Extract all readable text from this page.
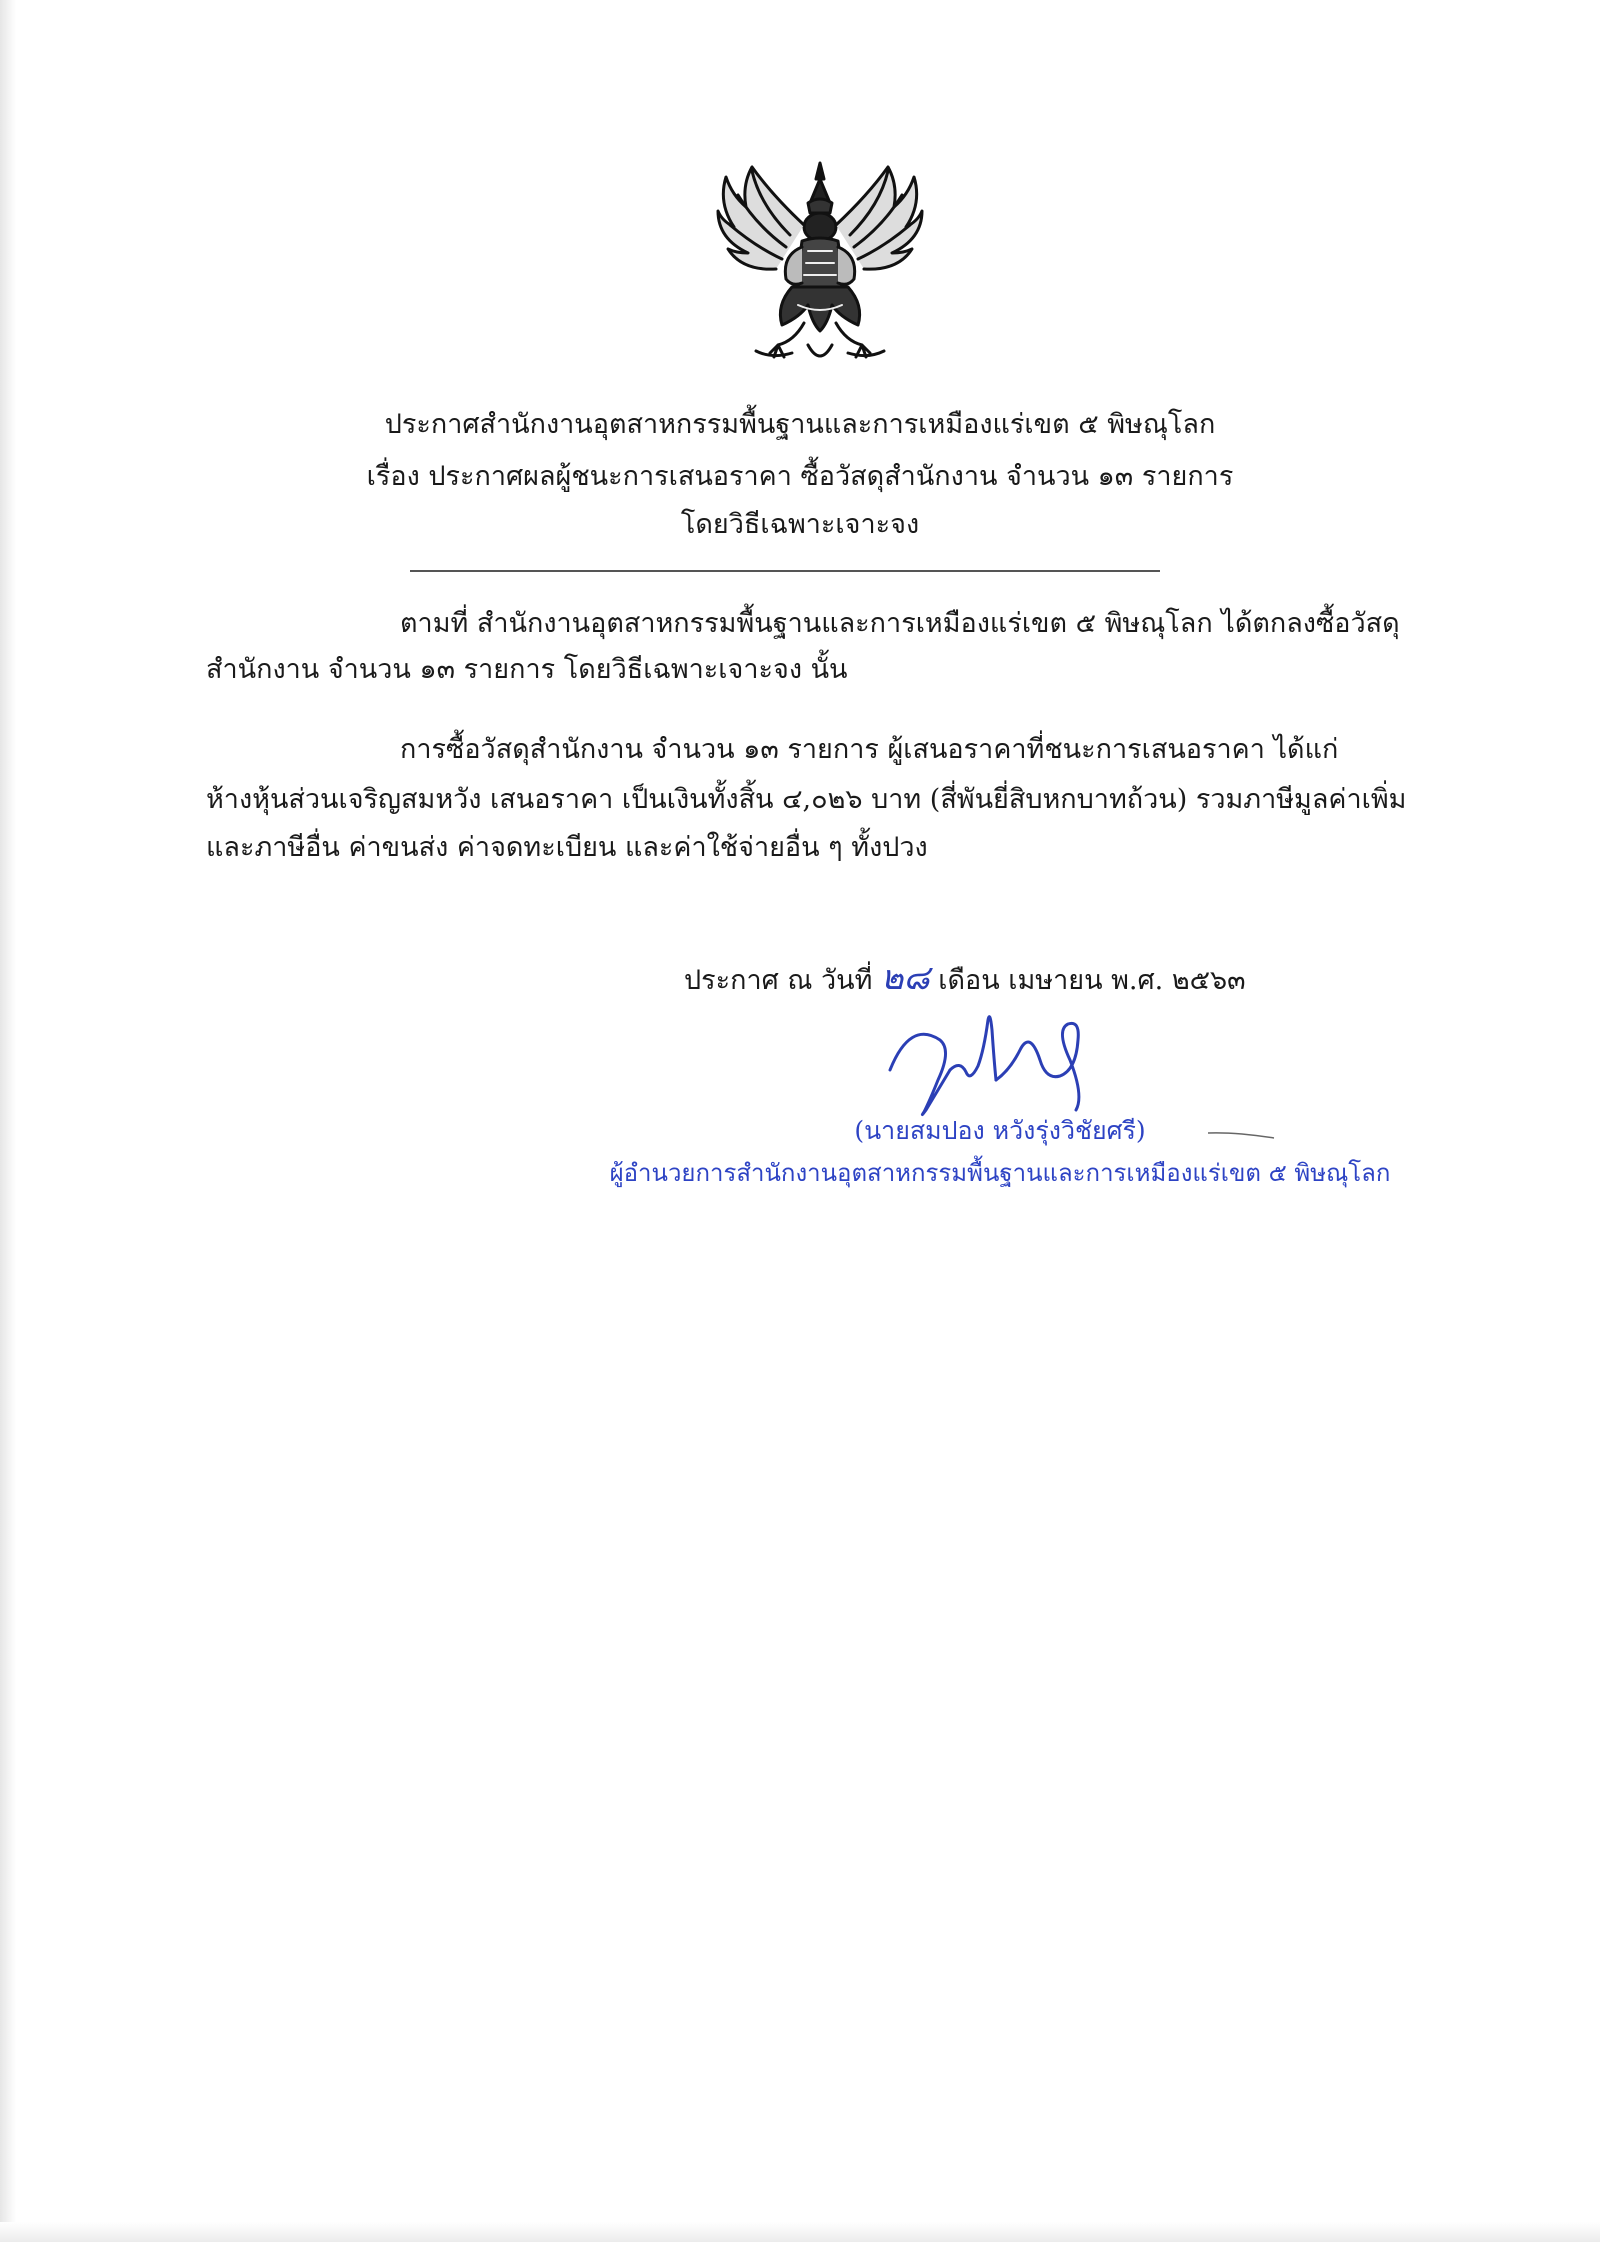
ประกาศสำนักงานอุตสาหกรรมพื้นฐานและการเหมืองแร่เขต ๕ พิษณุโลก
เรื่อง ประกาศผลผู้ชนะการเสนอราคา ซื้อวัสดุสำนักงาน จำนวน ๑๓ รายการ
โดยวิธีเฉพาะเจาะจง
ตามที่ สำนักงานอุตสาหกรรมพื้นฐานและการเหมืองแร่เขต ๕ พิษณุโลก ได้ตกลงซื้อวัสดุ
สำนักงาน จำนวน ๑๓ รายการ โดยวิธีเฉพาะเจาะจง นั้น
การซื้อวัสดุสำนักงาน จำนวน ๑๓ รายการ ผู้เสนอราคาที่ชนะการเสนอราคา ได้แก่
ห้างหุ้นส่วนเจริญสมหวัง เสนอราคา เป็นเงินทั้งสิ้น ๔,๐๒๖ บาท (สี่พันยี่สิบหกบาทถ้วน) รวมภาษีมูลค่าเพิ่ม
และภาษีอื่น ค่าขนส่ง ค่าจดทะเบียน และค่าใช้จ่ายอื่น ๆ ทั้งปวง
ประกาศ ณ วันที่ ๒๘ เดือน เมษายน พ.ศ. ๒๕๖๓
(นายสมปอง หวังรุ่งวิชัยศรี)
ผู้อำนวยการสำนักงานอุตสาหกรรมพื้นฐานและการเหมืองแร่เขต ๕ พิษณุโลก
